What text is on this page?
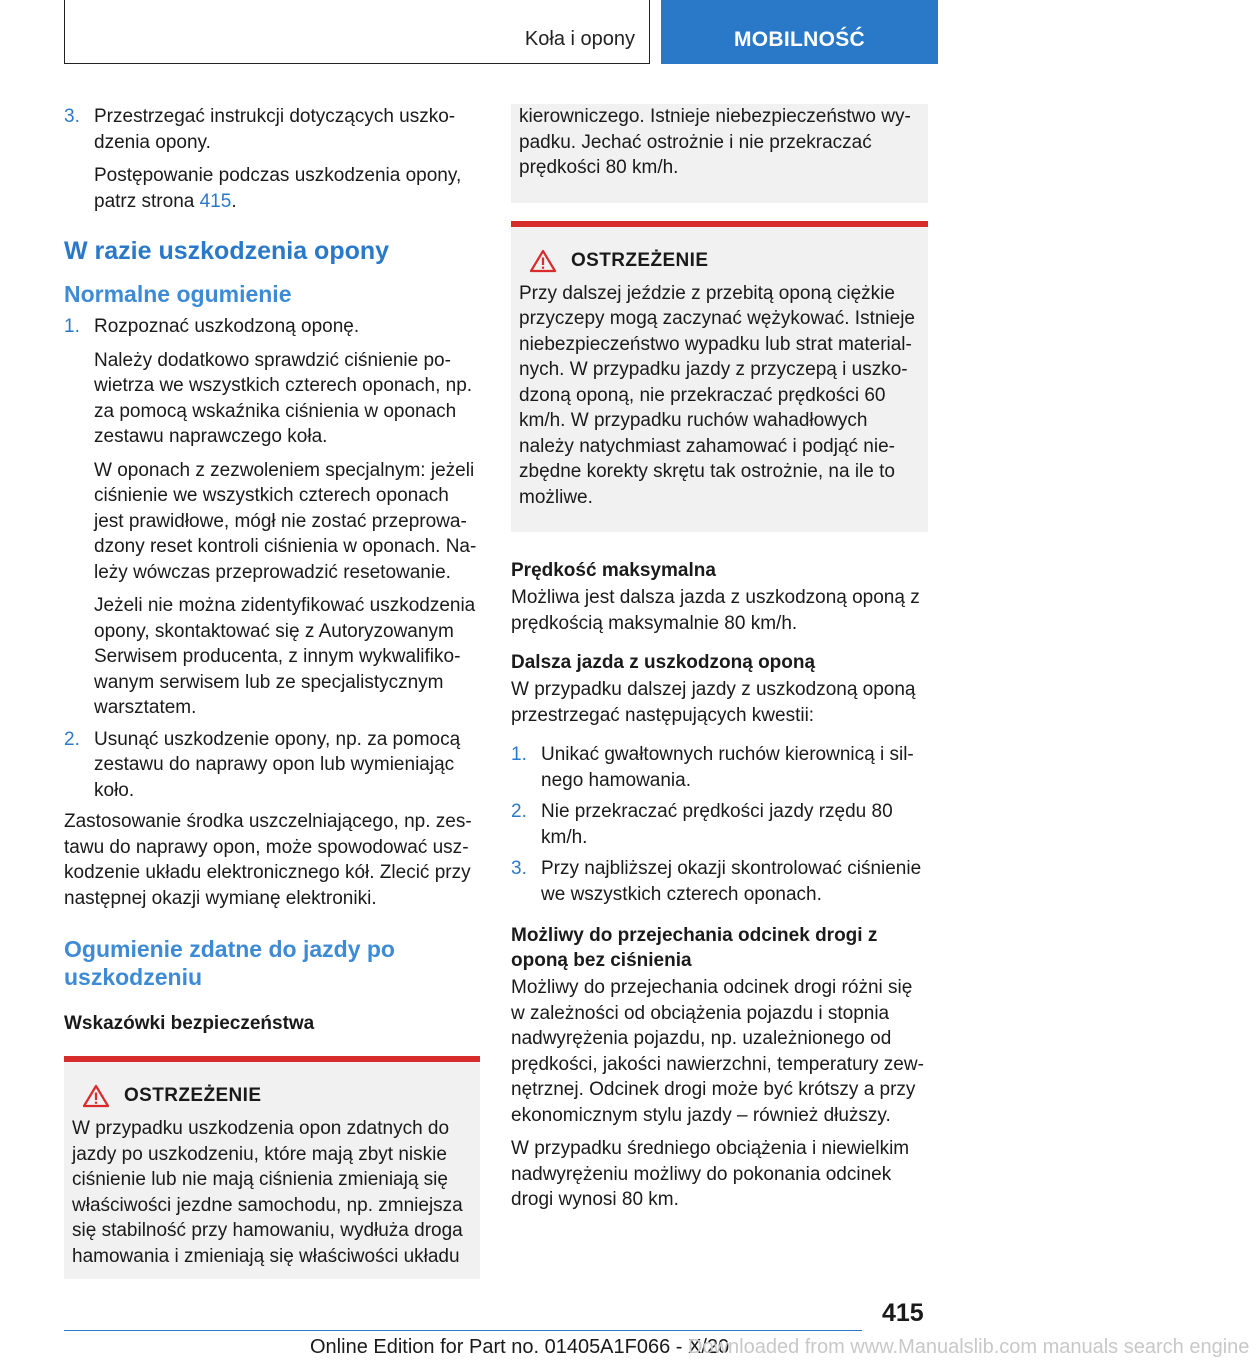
Koła i opony	MOBILNOŚĆ
3. Przestrzegać instrukcji dotyczących uszkodzenia opony.

Postępowanie podczas uszkodzenia opony, patrz strona 415.

W razie uszkodzenia opony
Normalne ogumienie
1. Rozpoznać uszkodzoną oponę.

Należy dodatkowo sprawdzić ciśnienie powietrza we wszystkich czterech oponach, np. za pomocą wskaźnika ciśnienia w oponach zestawu naprawczego koła.

W oponach z zezwoleniem specjalnym: jeżeli ciśnienie we wszystkich czterech oponach jest prawidłowe, mógł nie zostać przeprowadzony reset kontroli ciśnienia w oponach. Należy wówczas przeprowadzić resetowanie.

Jeżeli nie można zidentyfikować uszkodzenia opony, skontaktować się z Autoryzowanym Serwisem producenta, z innym wykwalifikowanym serwisem lub ze specjalistycznym warsztatem.

2. Usunąć uszkodzenie opony, np. za pomocą zestawu do naprawy opon lub wymieniając koło.

Zastosowanie środka uszczelniającego, np. zestawu do naprawy opon, może spowodować uszkodzenie układu elektronicznego kół. Zlecić przy następnej okazji wymianę elektroniki.

Ogumienie zdatne do jazdy po uszkodzeniu
Wskazówki bezpieczeństwa
OSTRZEŻENIE

W przypadku uszkodzenia opon zdatnych do jazdy po uszkodzeniu, które mają zbyt niskie ciśnienie lub nie mają ciśnienia zmieniają się właściwości jezdne samochodu, np. zmniejsza się stabilność przy hamowaniu, wydłuża droga hamowania i zmieniają się właściwości układu

kierowniczego. Istnieje niebezpieczeństwo wypadku. Jechać ostrożnie i nie przekraczać prędkości 80 km/h.

OSTRZEŻENIE

Przy dalszej jeździe z przebitą oponą ciężkie przyczepy mogą zaczynać wężykować. Istnieje niebezpieczeństwo wypadku lub strat materialnych. W przypadku jazdy z przyczepą i uszkodzoną oponą, nie przekraczać prędkości 60 km/h. W przypadku ruchów wahadłowych należy natychmiast zahamować i podjąć niezbędne korekty skrętu tak ostrożnie, na ile to możliwe.

Prędkość maksymalna

Możliwa jest dalsza jazda z uszkodzoną oponą z prędkością maksymalnie 80 km/h.

Dalsza jazda z uszkodzoną oponą

W przypadku dalszej jazdy z uszkodzoną oponą przestrzegać następujących kwestii:

1. Unikać gwałtownych ruchów kierownicą i silnego hamowania.

2. Nie przekraczać prędkości jazdy rzędu 80 km/h.

3. Przy najbliższej okazji skontrolować ciśnienie we wszystkich czterech oponach.

Możliwy do przejechania odcinek drogi z oponą bez ciśnienia

Możliwy do przejechania odcinek drogi różni się w zależności od obciążenia pojazdu i stopnia nadwyrężenia pojazdu, np. uzależnionego od prędkości, jakości nawierzchni, temperatury zewnętrznej. Odcinek drogi może być krótszy a przy ekonomicznym stylu jazdy – również dłuższy.

W przypadku średniego obciążenia i niewielkim nadwyrężeniu możliwy do pokonania odcinek drogi wynosi 80 km.

415
Online Edition for Part no. 01405A1F066 - X/20
Downloaded from www.Manualslib.com manuals search engine
